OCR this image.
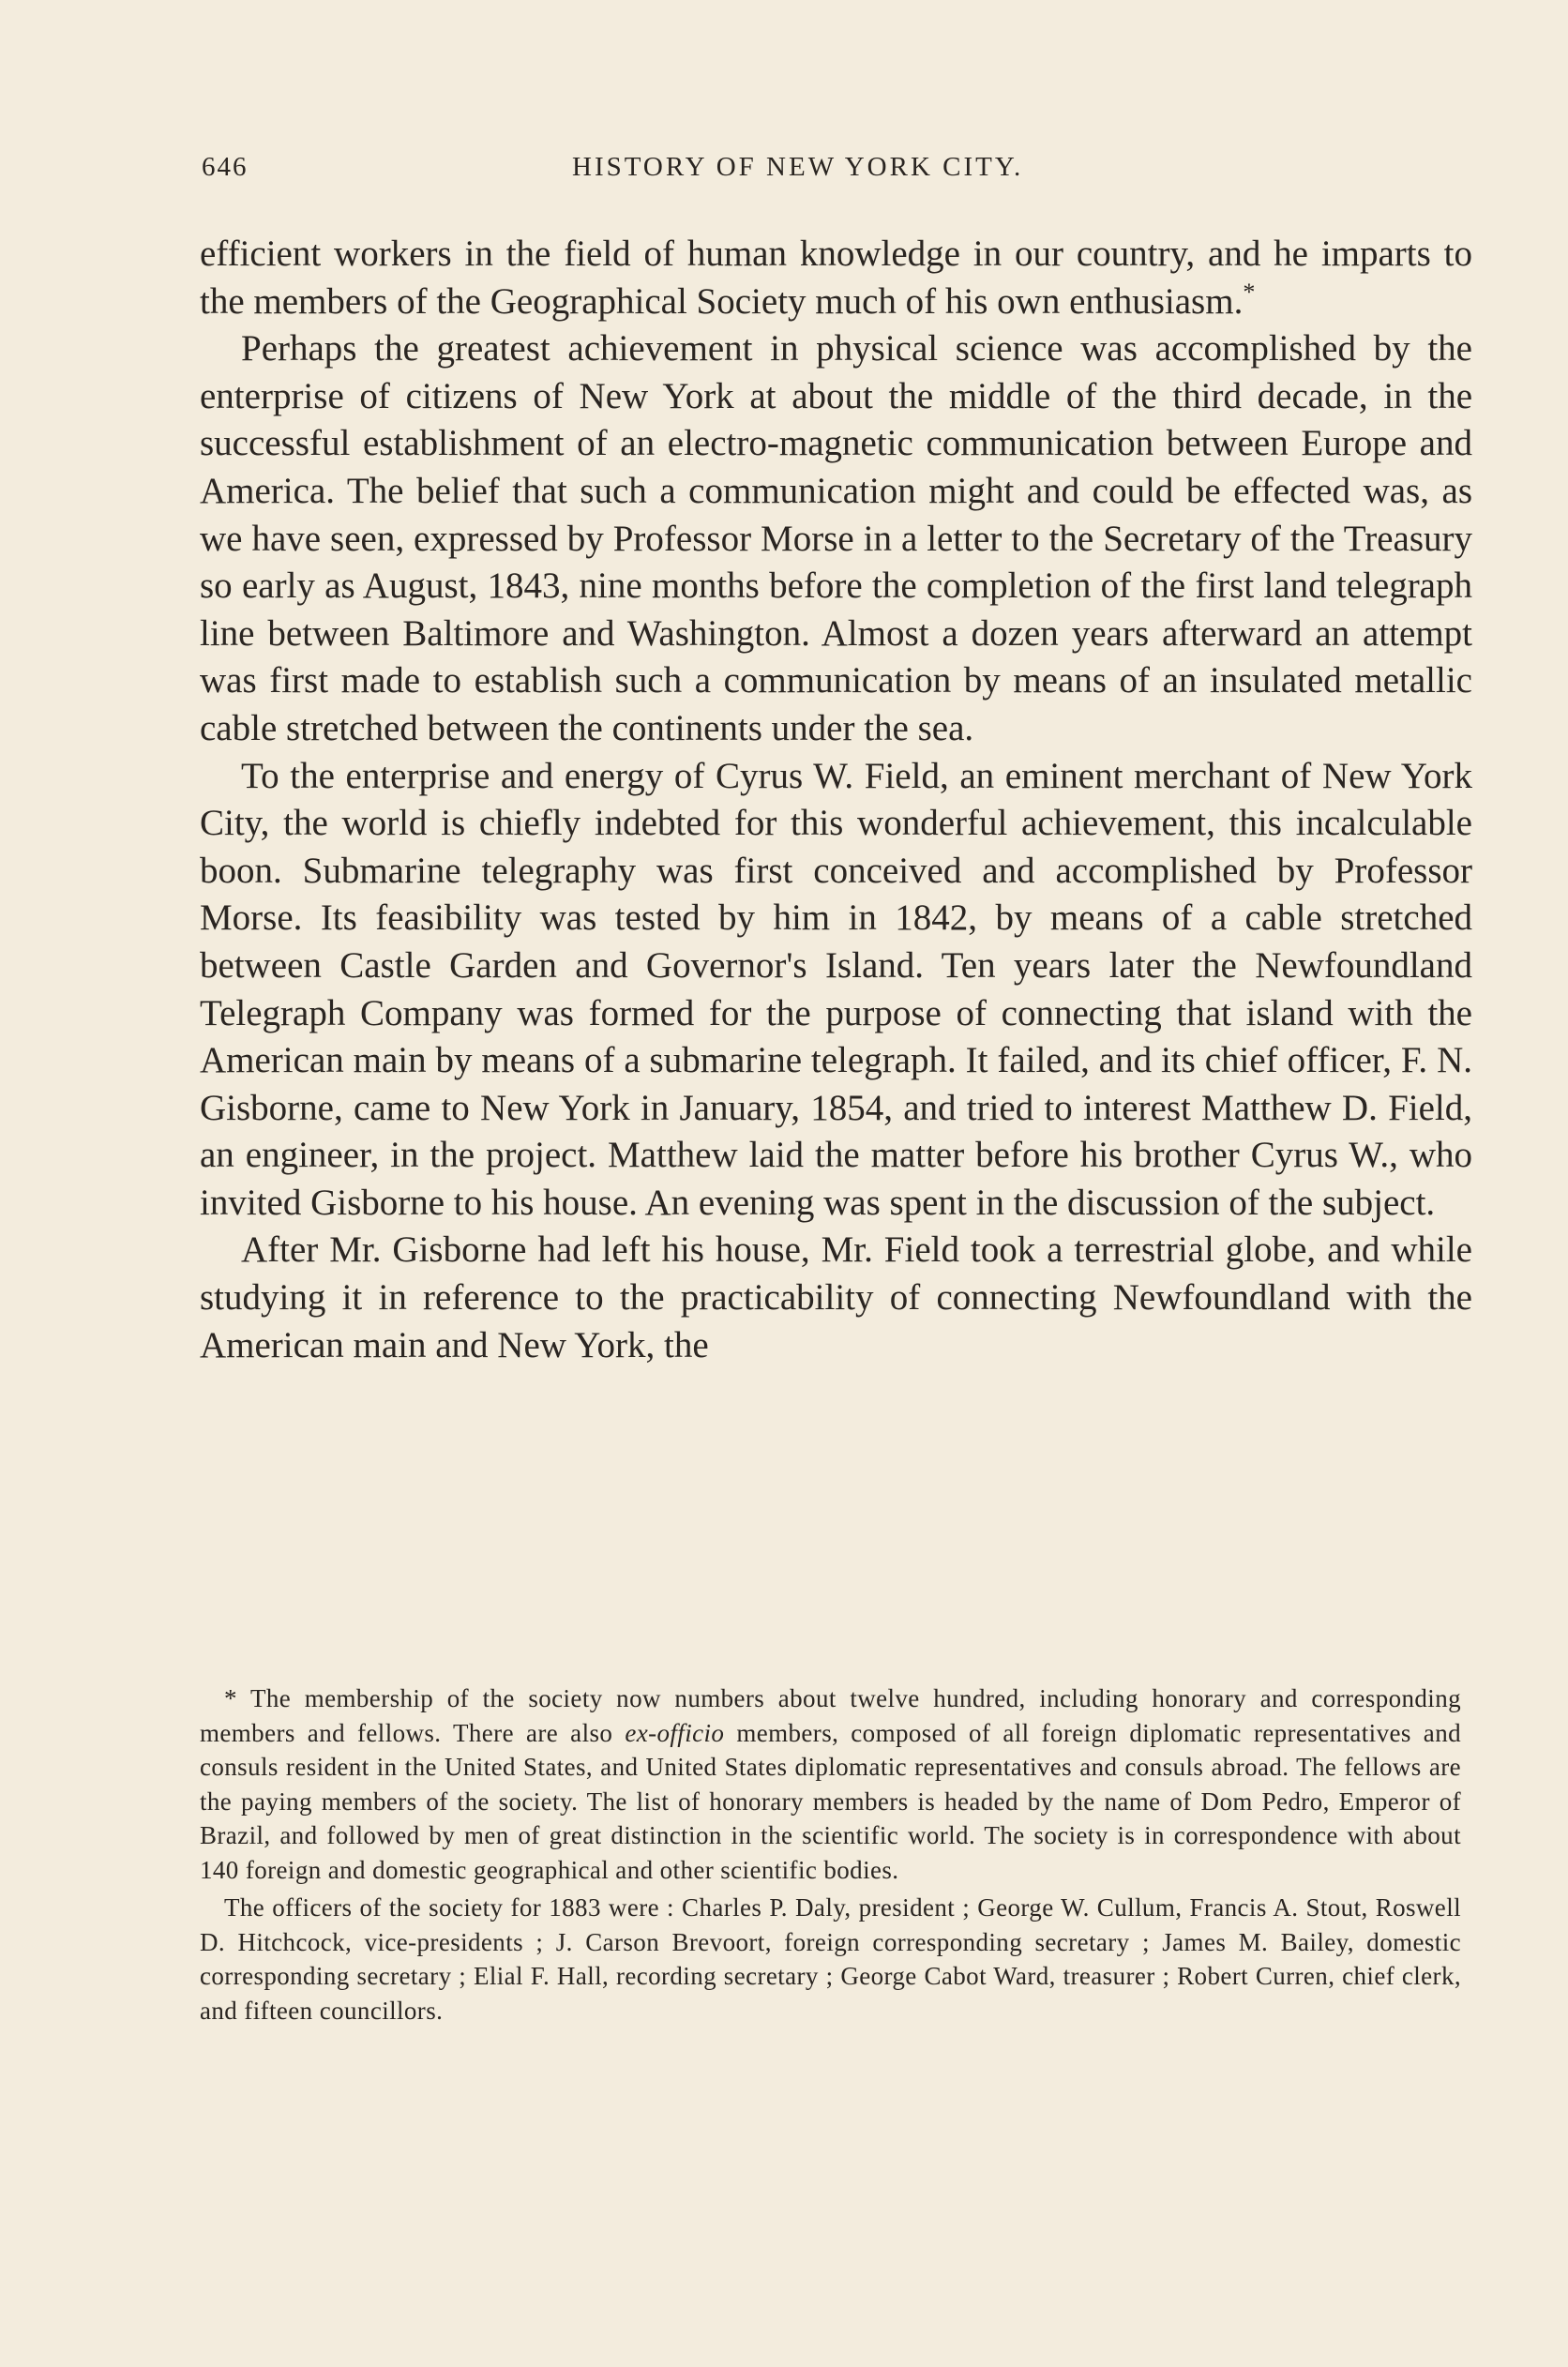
646	HISTORY OF NEW YORK CITY.

efficient workers in the field of human knowledge in our country, and he imparts to the members of the Geographical Society much of his own enthusiasm.*

Perhaps the greatest achievement in physical science was accomplished by the enterprise of citizens of New York at about the middle of the third decade, in the successful establishment of an electro-magnetic communication between Europe and America. The belief that such a communication might and could be effected was, as we have seen, expressed by Professor Morse in a letter to the Secretary of the Treasury so early as August, 1843, nine months before the completion of the first land telegraph line between Baltimore and Washington. Almost a dozen years afterward an attempt was first made to establish such a communication by means of an insulated metallic cable stretched between the continents under the sea.

To the enterprise and energy of Cyrus W. Field, an eminent merchant of New York City, the world is chiefly indebted for this wonderful achievement, this incalculable boon. Submarine telegraphy was first conceived and accomplished by Professor Morse. Its feasibility was tested by him in 1842, by means of a cable stretched between Castle Garden and Governor's Island. Ten years later the Newfoundland Telegraph Company was formed for the purpose of connecting that island with the American main by means of a submarine telegraph. It failed, and its chief officer, F. N. Gisborne, came to New York in January, 1854, and tried to interest Matthew D. Field, an engineer, in the project. Matthew laid the matter before his brother Cyrus W., who invited Gisborne to his house. An evening was spent in the discussion of the subject.

After Mr. Gisborne had left his house, Mr. Field took a terrestrial globe, and while studying it in reference to the practicability of connecting Newfoundland with the American main and New York, the

* The membership of the society now numbers about twelve hundred, including honorary and corresponding members and fellows. There are also ex-officio members, composed of all foreign diplomatic representatives and consuls resident in the United States, and United States diplomatic representatives and consuls abroad. The fellows are the paying members of the society. The list of honorary members is headed by the name of Dom Pedro, Emperor of Brazil, and followed by men of great distinction in the scientific world. The society is in correspondence with about 140 foreign and domestic geographical and other scientific bodies.

The officers of the society for 1883 were : Charles P. Daly, president ; George W. Cullum, Francis A. Stout, Roswell D. Hitchcock, vice-presidents ; J. Carson Brevoort, foreign corresponding secretary ; James M. Bailey, domestic corresponding secretary ; Elial F. Hall, recording secretary ; George Cabot Ward, treasurer ; Robert Curren, chief clerk, and fifteen councillors.
